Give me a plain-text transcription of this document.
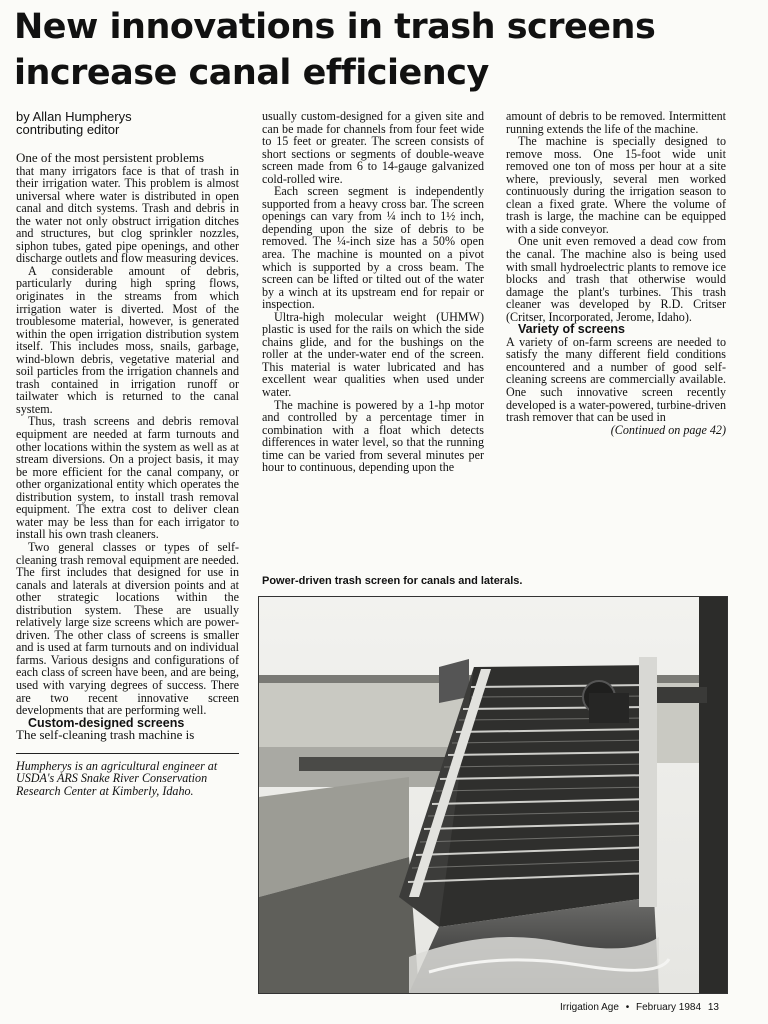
New innovations in trash screens increase canal efficiency
by Allan Humpherys
contributing editor

One of the most persistent problems

that many irrigators face is that of trash in their irrigation water. This problem is almost universal where water is distributed in open canal and ditch systems. Trash and debris in the water not only obstruct irrigation ditches and structures, but clog sprinkler nozzles, siphon tubes, gated pipe openings, and other discharge outlets and flow measuring devices.

A considerable amount of debris, particularly during high spring flows, originates in the streams from which irrigation water is diverted. Most of the troublesome material, however, is generated within the open irrigation distribution system itself. This includes moss, snails, garbage, wind-blown debris, vegetative material and soil particles from the irrigation channels and trash contained in irrigation runoff or tailwater which is returned to the canal system.

Thus, trash screens and debris removal equipment are needed at farm turnouts and other locations within the system as well as at stream diversions. On a project basis, it may be more efficient for the canal company, or other organizational entity which operates the distribution system, to install trash removal equipment. The extra cost to deliver clean water may be less than for each irrigator to install his own trash cleaners.

Two general classes or types of self-cleaning trash removal equipment are needed. The first includes that designed for use in canals and laterals at diversion points and at other strategic locations within the distribution system. These are usually relatively large size screens which are power-driven. The other class of screens is smaller and is used at farm turnouts and on individual farms. Various designs and configurations of each class of screen have been, and are being, used with varying degrees of success. There are two recent innovative screen developments that are performing well.

Custom-designed screens

The self-cleaning trash machine is

Humpherys is an agricultural engineer at USDA's ARS Snake River Conservation Research Center at Kimberly, Idaho.

usually custom-designed for a given site and can be made for channels from four feet wide to 15 feet or greater. The screen consists of short sections or segments of double-weave screen made from 6 to 14-gauge galvanized cold-rolled wire.

Each screen segment is independently supported from a heavy cross bar. The screen openings can vary from ¼ inch to 1½ inch, depending upon the size of debris to be removed. The ¼-inch size has a 50% open area. The machine is mounted on a pivot which is supported by a cross beam. The screen can be lifted or tilted out of the water by a winch at its upstream end for repair or inspection.

Ultra-high molecular weight (UHMW) plastic is used for the rails on which the side chains glide, and for the bushings on the roller at the under-water end of the screen. This material is water lubricated and has excellent wear qualities when used under water.

The machine is powered by a 1-hp motor and controlled by a percentage timer in combination with a float which detects differences in water level, so that the running time can be varied from several minutes per hour to continuous, depending upon the

amount of debris to be removed. Intermittent running extends the life of the machine.

The machine is specially designed to remove moss. One 15-foot wide unit removed one ton of moss per hour at a site where, previously, several men worked continuously during the irrigation season to clean a fixed grate. Where the volume of trash is large, the machine can be equipped with a side conveyor.

One unit even removed a dead cow from the canal. The machine also is being used with small hydroelectric plants to remove ice blocks and trash that otherwise would damage the plant's turbines. This trash cleaner was developed by R.D. Critser (Critser, Incorporated, Jerome, Idaho).

Variety of screens

A variety of on-farm screens are needed to satisfy the many different field conditions encountered and a number of good self-cleaning screens are commercially available. One such innovative screen recently developed is a water-powered, turbine-driven trash remover that can be used in

(Continued on page 42)

Power-driven trash screen for canals and laterals.
Irrigation Age • February 1984 13
